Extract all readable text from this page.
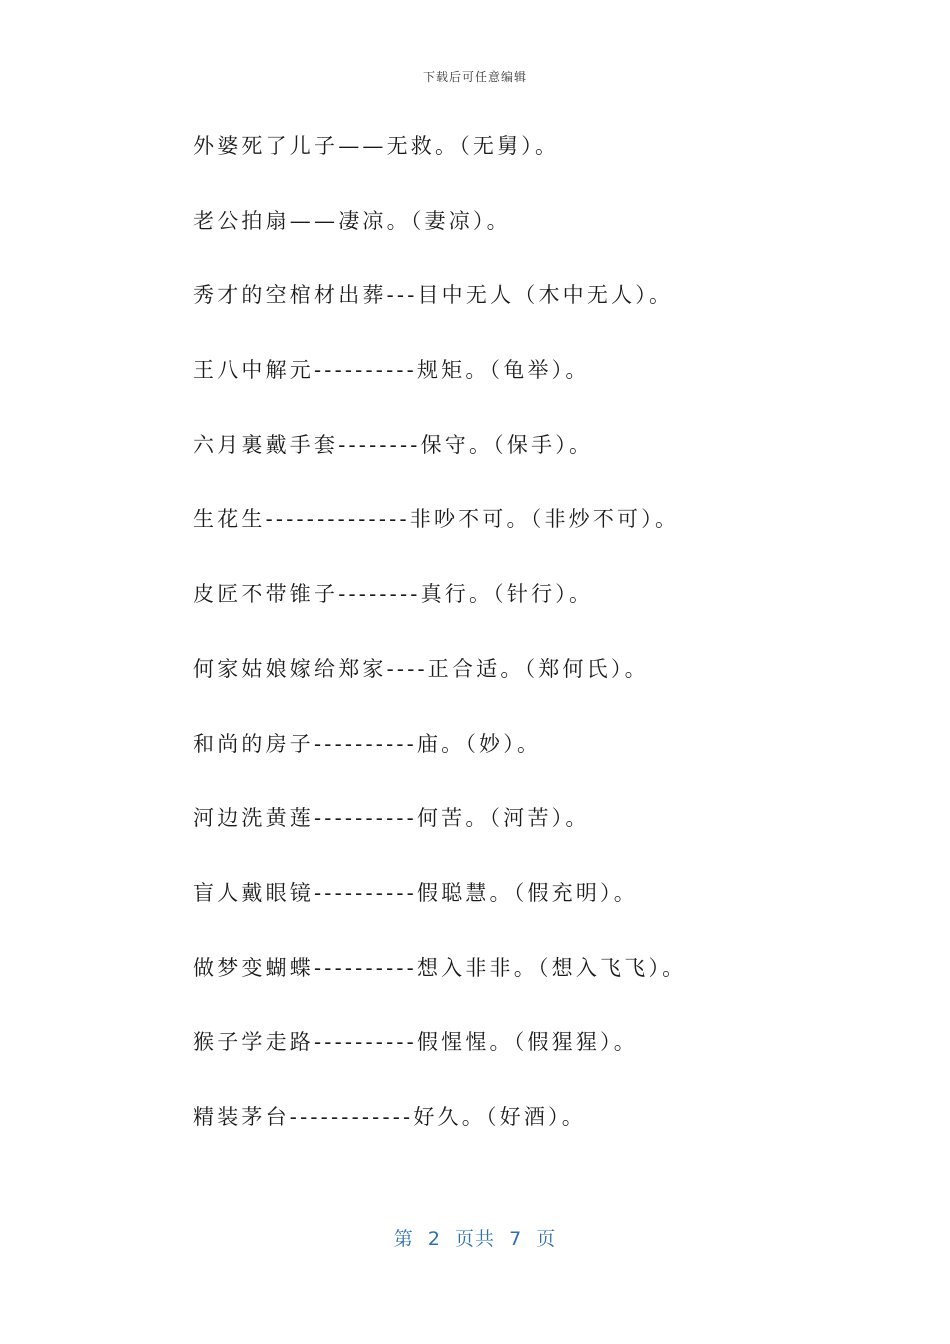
下载后可任意编辑
外婆死了儿子——无救。（无舅）。
老公拍扇——凄凉。（妻凉）。
秀才的空棺材出葬---目中无人（木中无人）。
王八中解元----------规矩。（龟举）。
六月裏戴手套--------保守。（保手）。
生花生--------------非吵不可。（非炒不可）。
皮匠不带锥子--------真行。（针行）。
何家姑娘嫁给郑家----正合适。（郑何氏）。
和尚的房子----------庙。（妙）。
河边洗黄莲----------何苦。（河苦）。
盲人戴眼镜----------假聪慧。（假充明）。
做梦变蝴蝶----------想入非非。（想入飞飞）。
猴子学走路----------假惺惺。（假猩猩）。
精装茅台------------好久。（好酒）。
第  2  页共  7  页
